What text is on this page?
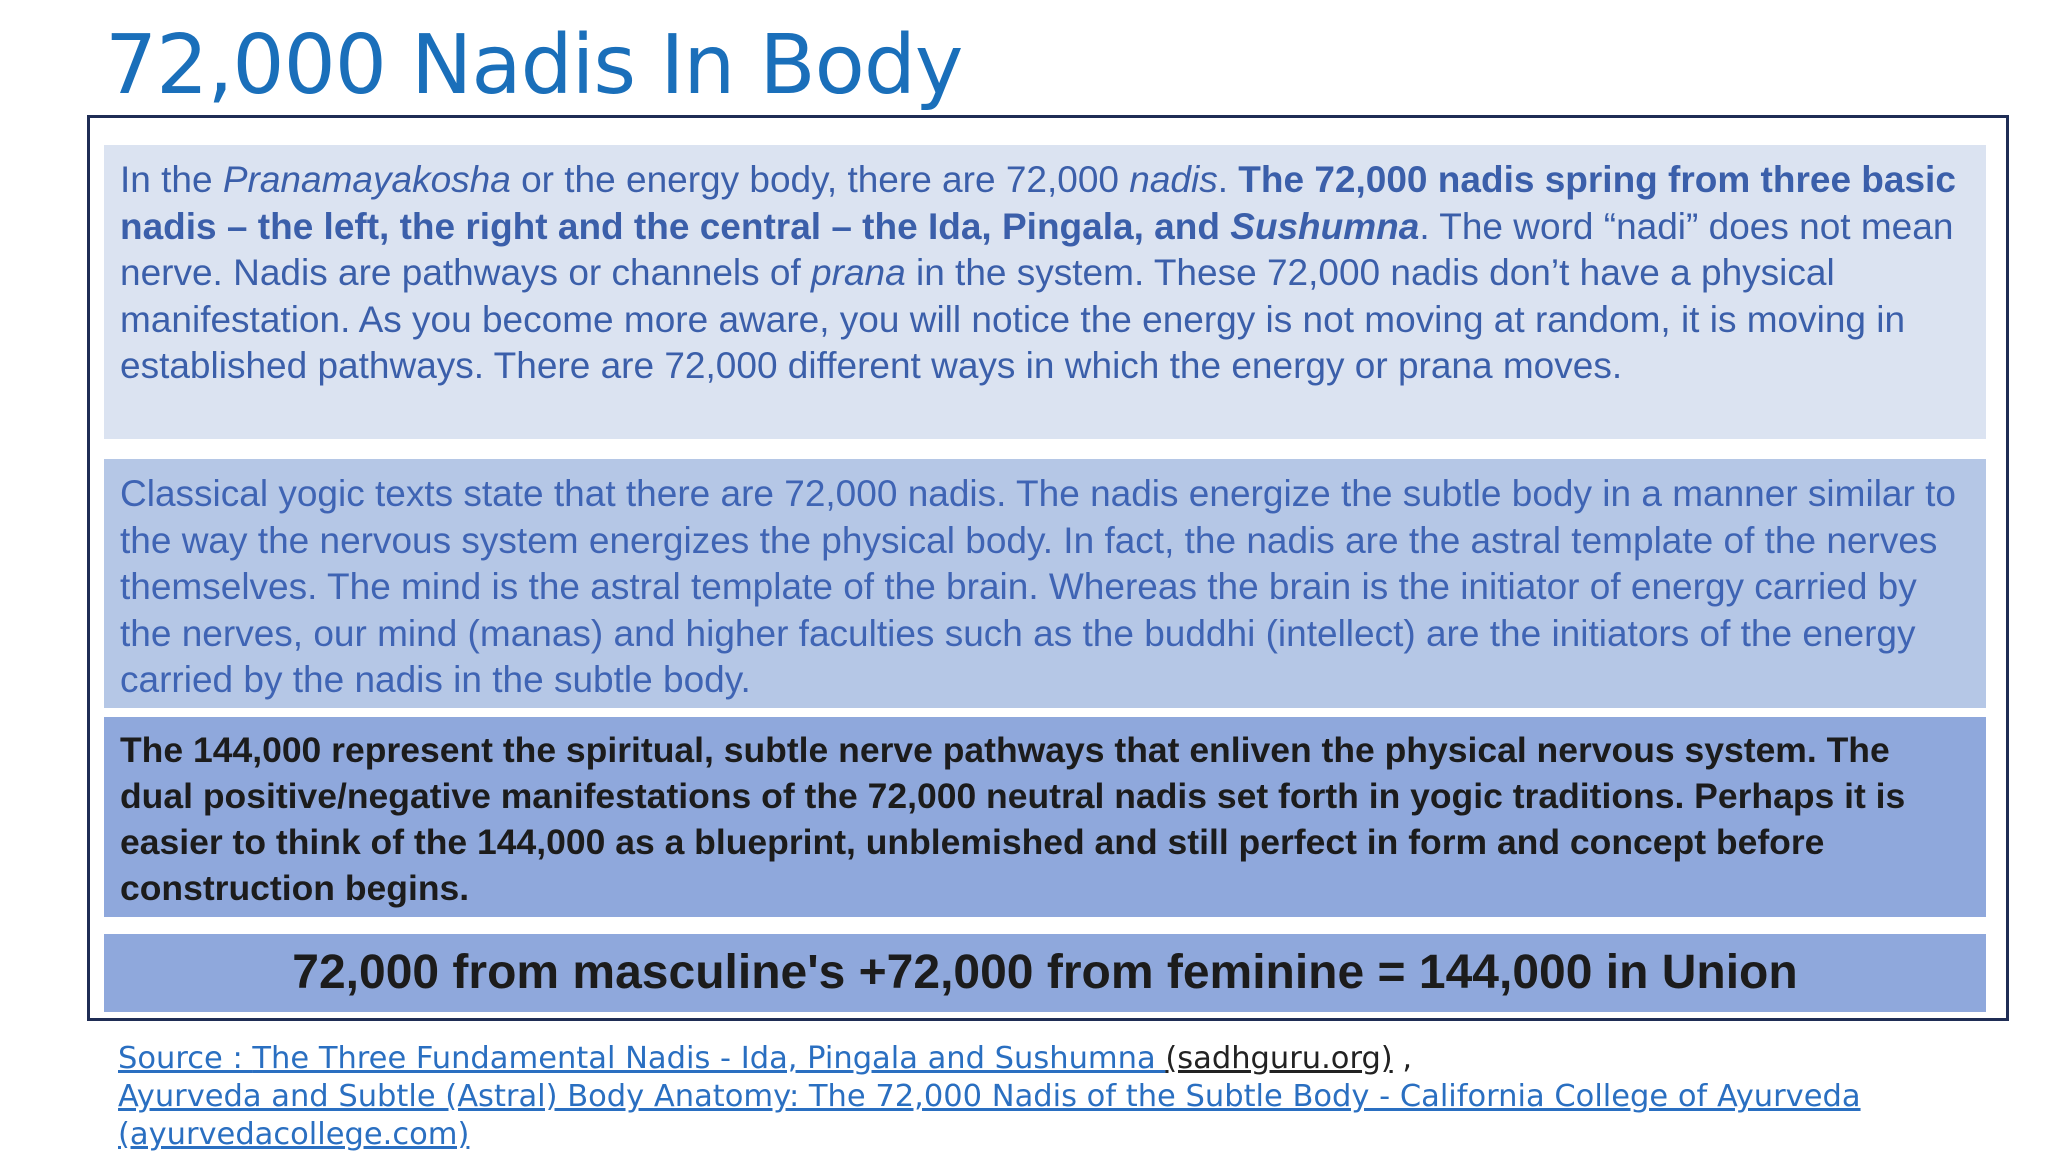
72,000 Nadis In Body
In the Pranamayakosha or the energy body, there are 72,000 nadis. The 72,000 nadis spring from three basic nadis – the left, the right and the central – the Ida, Pingala, and Sushumna. The word “nadi” does not mean nerve. Nadis are pathways or channels of prana in the system. These 72,000 nadis don’t have a physical manifestation. As you become more aware, you will notice the energy is not moving at random, it is moving in established pathways. There are 72,000 different ways in which the energy or prana moves.
Classical yogic texts state that there are 72,000 nadis. The nadis energize the subtle body in a manner similar to the way the nervous system energizes the physical body. In fact, the nadis are the astral template of the nerves themselves. The mind is the astral template of the brain. Whereas the brain is the initiator of energy carried by the nerves, our mind (manas) and higher faculties such as the buddhi (intellect) are the initiators of the energy carried by the nadis in the subtle body.
The 144,000 represent the spiritual, subtle nerve pathways that enliven the physical nervous system. The dual positive/negative manifestations of the 72,000 neutral nadis set forth in yogic traditions. Perhaps it is easier to think of the 144,000 as a blueprint, unblemished and still perfect in form and concept before construction begins.
72,000 from masculine's +72,000 from feminine = 144,000 in Union
Source : The Three Fundamental Nadis - Ida, Pingala and Sushumna (sadhguru.org) ,
Ayurveda and Subtle (Astral) Body Anatomy: The 72,000 Nadis of the Subtle Body - California College of Ayurveda (ayurvedacollege.com)
